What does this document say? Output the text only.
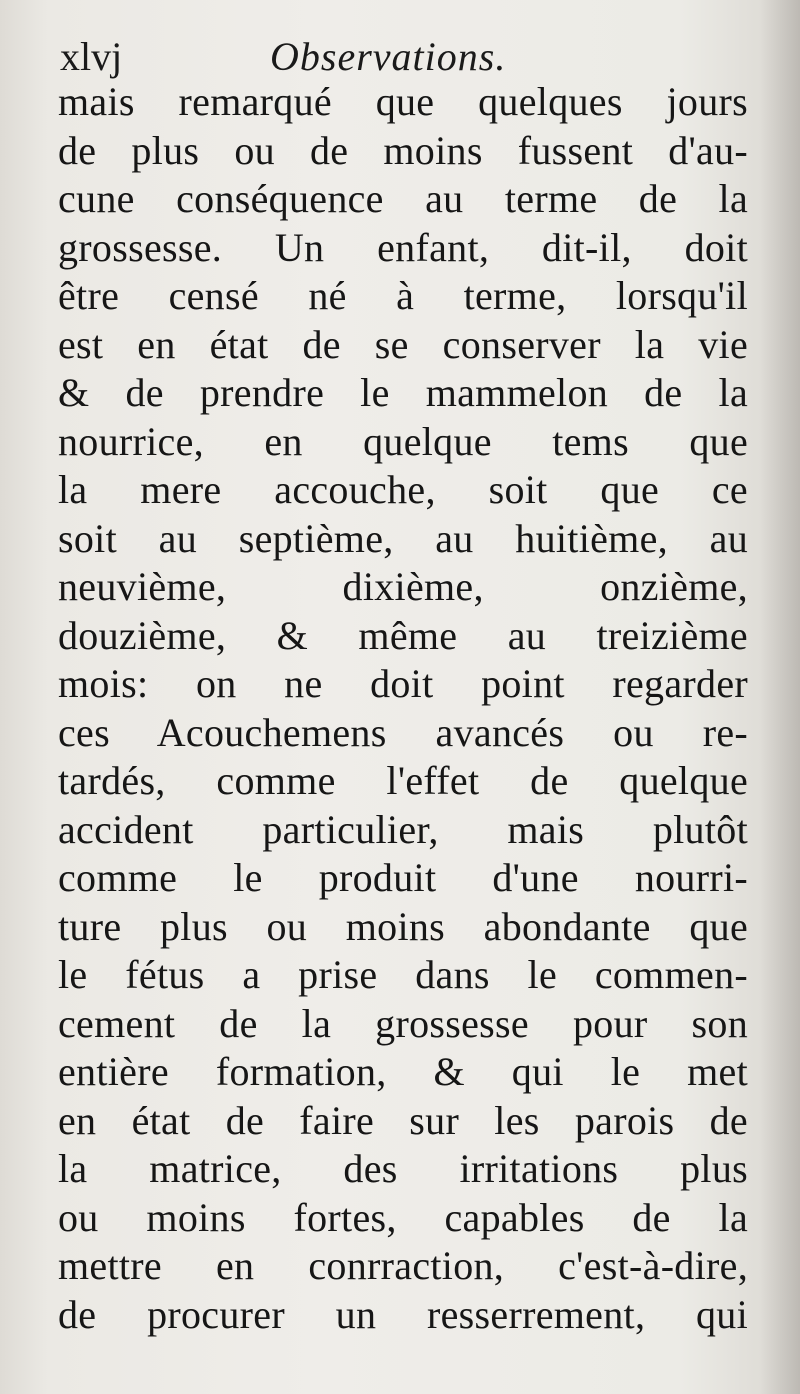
xlvj	Observations.
mais remarqué que quelques jours
de plus ou de moins fussent d'au-
cune conséquence au terme de la
grossesse. Un enfant, dit-il, doit
être censé né à terme, lorsqu'il
est en état de se conserver la vie
& de prendre le mammelon de la
nourrice, en quelque tems que
la mere accouche, soit que ce
soit au septième, au huitième, au
neuvième, dixième, onzième,
douzième, & même au treizième
mois: on ne doit point regarder
ces Acouchemens avancés ou re-
tardés, comme l'effet de quelque
accident particulier, mais plutôt
comme le produit d'une nourri-
ture plus ou moins abondante que
le fétus a prise dans le commen-
cement de la grossesse pour son
entière formation, & qui le met
en état de faire sur les parois de
la matrice, des irritations plus
ou moins fortes, capables de la
mettre en conrraction, c'est-à-dire,
de procurer un resserrement, qui
